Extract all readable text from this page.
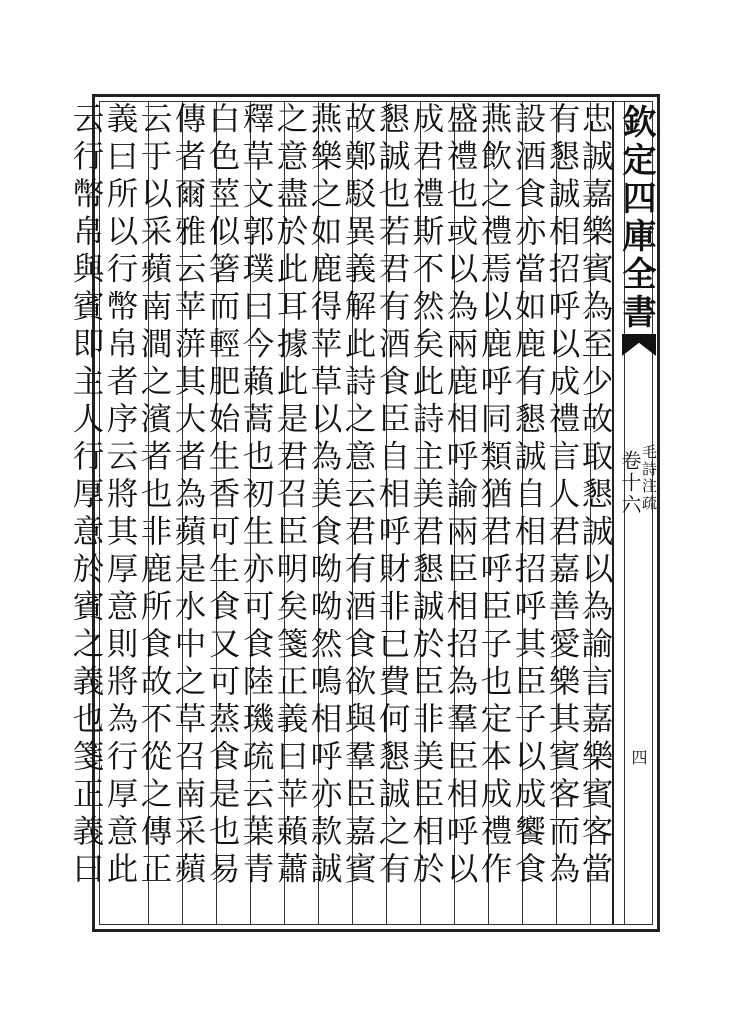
忠誠嘉樂賓為至少故取懇誠以為諭言嘉樂賓客當
有懇誠相招呼以成禮言人君嘉善愛樂其賓客而為
設酒食亦當如鹿有懇誠自相招呼其臣子以成饗食
燕飲之禮焉以鹿呼同類猶君呼臣子也定本成禮作
盛禮也或以為兩鹿相呼諭兩臣相招為羣臣相呼以
成君禮斯不然矣此詩主美君懇誠於臣非美臣相於
懇誠也若君有酒食臣自相呼財非已費何懇誠之有
故鄭駁異義解此詩之意云君有酒食欲與羣臣嘉賓
燕樂之如鹿得苹草以為美食呦呦然鳴相呼亦款誠
之意盡於此耳據此是君召臣明矣箋正義曰苹藾蕭
釋草文郭璞曰今藾蒿也初生亦可食陸璣疏云葉青
白色莖似箸而輕肥始生香可生食又可蒸食是也易
傳者爾雅云苹蓱其大者為蘋是水中之草召南采蘋
云于以采蘋南澗之濱者也非鹿所食故不從之傳正
義曰所以行幣帛者序云將其厚意則將為行厚意此
云行幣帛與賓即主人行厚意於賓之義也箋正義曰	欽定四庫全書
毛詩注疏
卷十六
四
